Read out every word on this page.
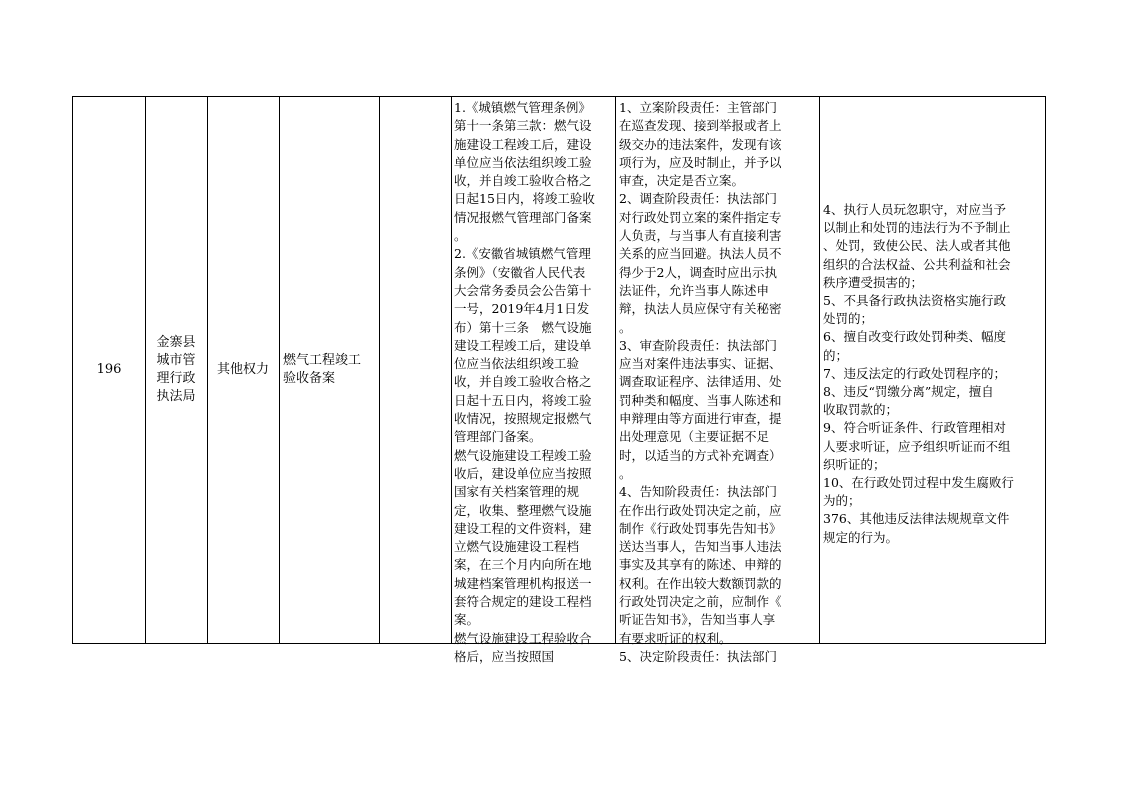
196
金寨县
城市管
理行政
执法局
其他权力
燃气工程竣工
验收备案

1.《城镇燃气管理条例》
第十一条第三款：燃气设
施建设工程竣工后，建设
单位应当依法组织竣工验
收，并自竣工验收合格之
日起15日内，将竣工验收
情况报燃气管理部门备案
。
2.《安徽省城镇燃气管理
条例》（安徽省人民代表
大会常务委员会公告第十
一号，2019年4月1日发
布）第十三条　燃气设施
建设工程竣工后，建设单
位应当依法组织竣工验
收，并自竣工验收合格之
日起十五日内，将竣工验
收情况，按照规定报燃气
管理部门备案。
燃气设施建设工程竣工验
收后，建设单位应当按照
国家有关档案管理的规
定，收集、整理燃气设施
建设工程的文件资料，建
立燃气设施建设工程档
案，在三个月内向所在地
城建档案管理机构报送一
套符合规定的建设工程档
案。
燃气设施建设工程验收合
格后，应当按照国

1、立案阶段责任：主管部门
在巡查发现、接到举报或者上
级交办的违法案件，发现有该
项行为，应及时制止，并予以
审查，决定是否立案。
2、调查阶段责任：执法部门
对行政处罚立案的案件指定专
人负责，与当事人有直接利害
关系的应当回避。执法人员不
得少于2人，调查时应出示执
法证件，允许当事人陈述申
辩，执法人员应保守有关秘密
。
3、审查阶段责任：执法部门
应当对案件违法事实、证据、
调查取证程序、法律适用、处
罚种类和幅度、当事人陈述和
申辩理由等方面进行审查，提
出处理意见（主要证据不足
时，以适当的方式补充调查）
。
4、告知阶段责任：执法部门
在作出行政处罚决定之前，应
制作《行政处罚事先告知书》
送达当事人，告知当事人违法
事实及其享有的陈述、申辩的
权利。在作出较大数额罚款的
行政处罚决定之前，应制作《
听证告知书》，告知当事人享
有要求听证的权利。
5、决定阶段责任：执法部门

4、执行人员玩忽职守，对应当予
以制止和处罚的违法行为不予制止
、处罚，致使公民、法人或者其他
组织的合法权益、公共利益和社会
秩序遭受损害的；
5、不具备行政执法资格实施行政
处罚的；
6、擅自改变行政处罚种类、幅度
的；
7、违反法定的行政处罚程序的；
8、违反“罚缴分离”规定，擅自
收取罚款的；
9、符合听证条件、行政管理相对
人要求听证，应予组织听证而不组
织听证的；
10、在行政处罚过程中发生腐败行
为的；
376、其他违反法律法规规章文件
规定的行为。
